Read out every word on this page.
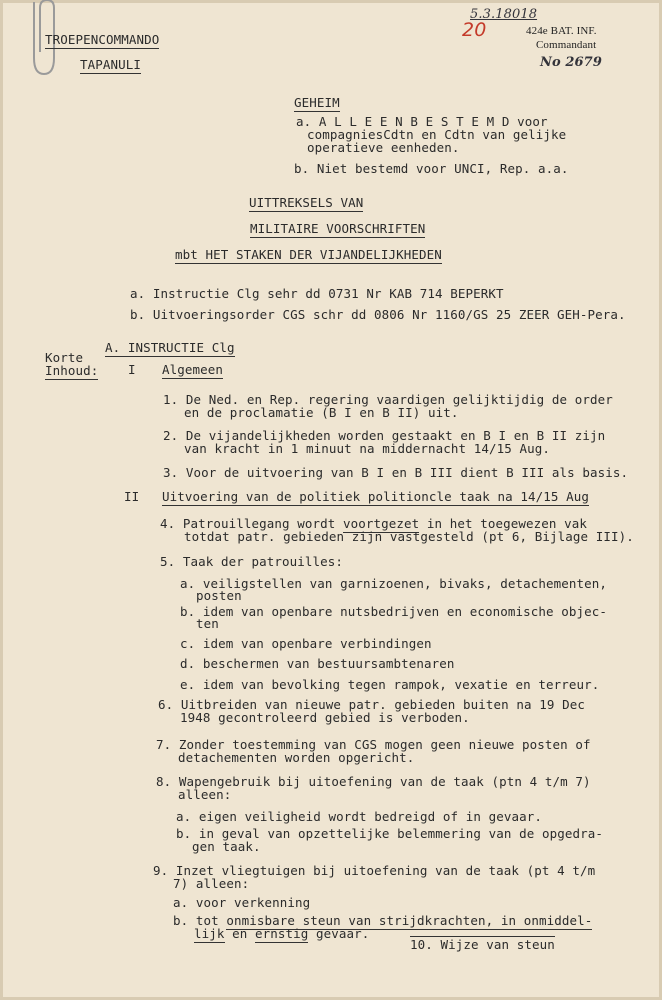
TROEPENCOMMANDO
TAPANULI
5.3.18018
20	424e BAT. INF.
Commandant
No 2679
GEHEIM
a. A L L E E N B E S T E M D voor
compagniesCdtn en Cdtn van gelijke
operatieve eenheden.
b. Niet bestemd voor UNCI, Rep. a.a.
UITTREKSELS VAN
MILITAIRE VOORSCHRIFTEN
mbt HET STAKEN DER VIJANDELIJKHEDEN
a. Instructie Clg sehr dd 0731 Nr KAB 714 BEPERKT
b. Uitvoeringsorder CGS schr dd 0806 Nr 1160/GS 25 ZEER GEH-Pera.
A. INSTRUCTIE Clg
Korte
Inhoud: I Algemeen
1. De Ned. en Rep. regering vaardigen gelijktijdig de order
en de proclamatie (B I en B II) uit.
2. De vijandelijkheden worden gestaakt en B I en B II zijn
van kracht in 1 minuut na middernacht 14/15 Aug.
3. Voor de uitvoering van B I en B III dient B III als basis.
II Uitvoering van de politiek politioncle taak na 14/15 Aug
4. Patrouillegang wordt voortgezet in het toegewezen vak
totdat patr. gebieden zijn vastgesteld (pt 6, Bijlage III).
5. Taak der patrouilles:
a. veiligstellen van garnizoenen, bivaks, detachementen,
posten
b. idem van openbare nutsbedrijven en economische objec-
ten
c. idem van openbare verbindingen
d. beschermen van bestuursambtenaren
e. idem van bevolking tegen rampok, vexatie en terreur.
6. Uitbreiden van nieuwe patr. gebieden buiten na 19 Dec
1948 gecontroleerd gebied is verboden.
7. Zonder toestemming van CGS mogen geen nieuwe posten of
detachementen worden opgericht.
8. Wapengebruik bij uitoefening van de taak (ptn 4 t/m 7)
alleen:
a. eigen veiligheid wordt bedreigd of in gevaar.
b. in geval van opzettelijke belemmering van de opgedra-
gen taak.
9. Inzet vliegtuigen bij uitoefening van de taak (pt 4 t/m
7) alleen:
a. voor verkenning
b. tot onmisbare steun van strijdkrachten, in onmiddel-
lijk en ernstig gevaar.
10. Wijze van steun
